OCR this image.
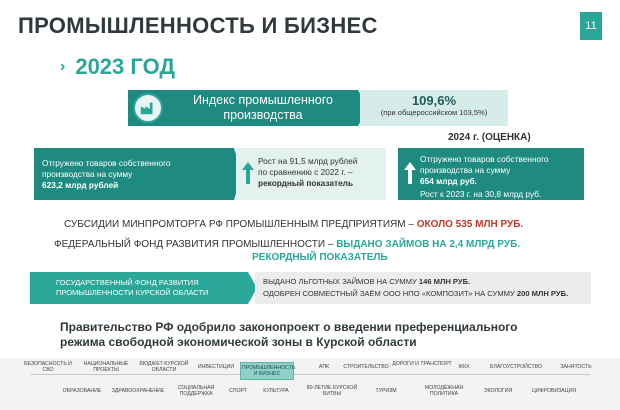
ПРОМЫШЛЕННОСТЬ И БИЗНЕС	11
› 2023 ГОД
Индекс промышленного
производства
109,6%
(при общероссийском 103,5%)
2024 г. (ОЦЕНКА)
Отгружено товаров собственного
производства на сумму
623,2 млрд рублей
Рост на 91,5 млрд рублей
по сравнению с 2022 г. –
рекордный показатель
Отгружено товаров собственного
производства на сумму
654 млрд руб.
Рост к 2023 г. на 30,8 млрд руб.
СУБСИДИИ МИНПРОМТОРГА РФ ПРОМЫШЛЕННЫМ ПРЕДПРИЯТИЯМ – ОКОЛО 535 МЛН РУБ.
ФЕДЕРАЛЬНЫЙ ФОНД РАЗВИТИЯ ПРОМЫШЛЕННОСТИ – ВЫДАНО ЗАЙМОВ НА 2,4 МЛРД РУБ.
РЕКОРДНЫЙ ПОКАЗАТЕЛЬ
ГОСУДАРСТВЕННЫЙ ФОНД РАЗВИТИЯ
ПРОМЫШЛЕННОСТИ КУРСКОЙ ОБЛАСТИ
ВЫДАНО ЛЬГОТНЫХ ЗАЙМОВ НА СУММУ 146 МЛН РУБ.
ОДОБРЕН СОВМЕСТНЫЙ ЗАЁМ ООО НПО «КОМПОЗИТ» НА СУММУ 200 МЛН РУБ.
Правительство РФ одобрило законопроект о введении преференциального
режима свободной экономической зоны в Курской области
БЕЗОПАСНОСТЬ И СВО
НАЦИОНАЛЬНЫЕ ПРОЕКТЫ
БЮДЖЕТ КУРСКОЙ ОБЛАСТИ	ИНВЕСТИЦИИ	ПРОМЫШЛЕННОСТЬ И БИЗНЕС
АПК	СТРОИТЕЛЬСТВО ДОРОГИ И ТРАНСПОРТ	ЖКХ	БЛАГОУСТРОЙСТВО	ЗАНЯТОСТЬ
ОБРАЗОВАНИЕ	ЗДРАВООХРАНЕНИЕ	СОЦИАЛЬНАЯ ПОДДЕРЖКА	СПОРТ	КУЛЬТУРА	80-ЛЕТИЕ КУРСКОЙ БИТВЫ	ТУРИЗМ	МОЛОДЁЖНАЯ ПОЛИТИКА	ЭКОЛОГИЯ	ЦИФРОВИЗАЦИЯ
